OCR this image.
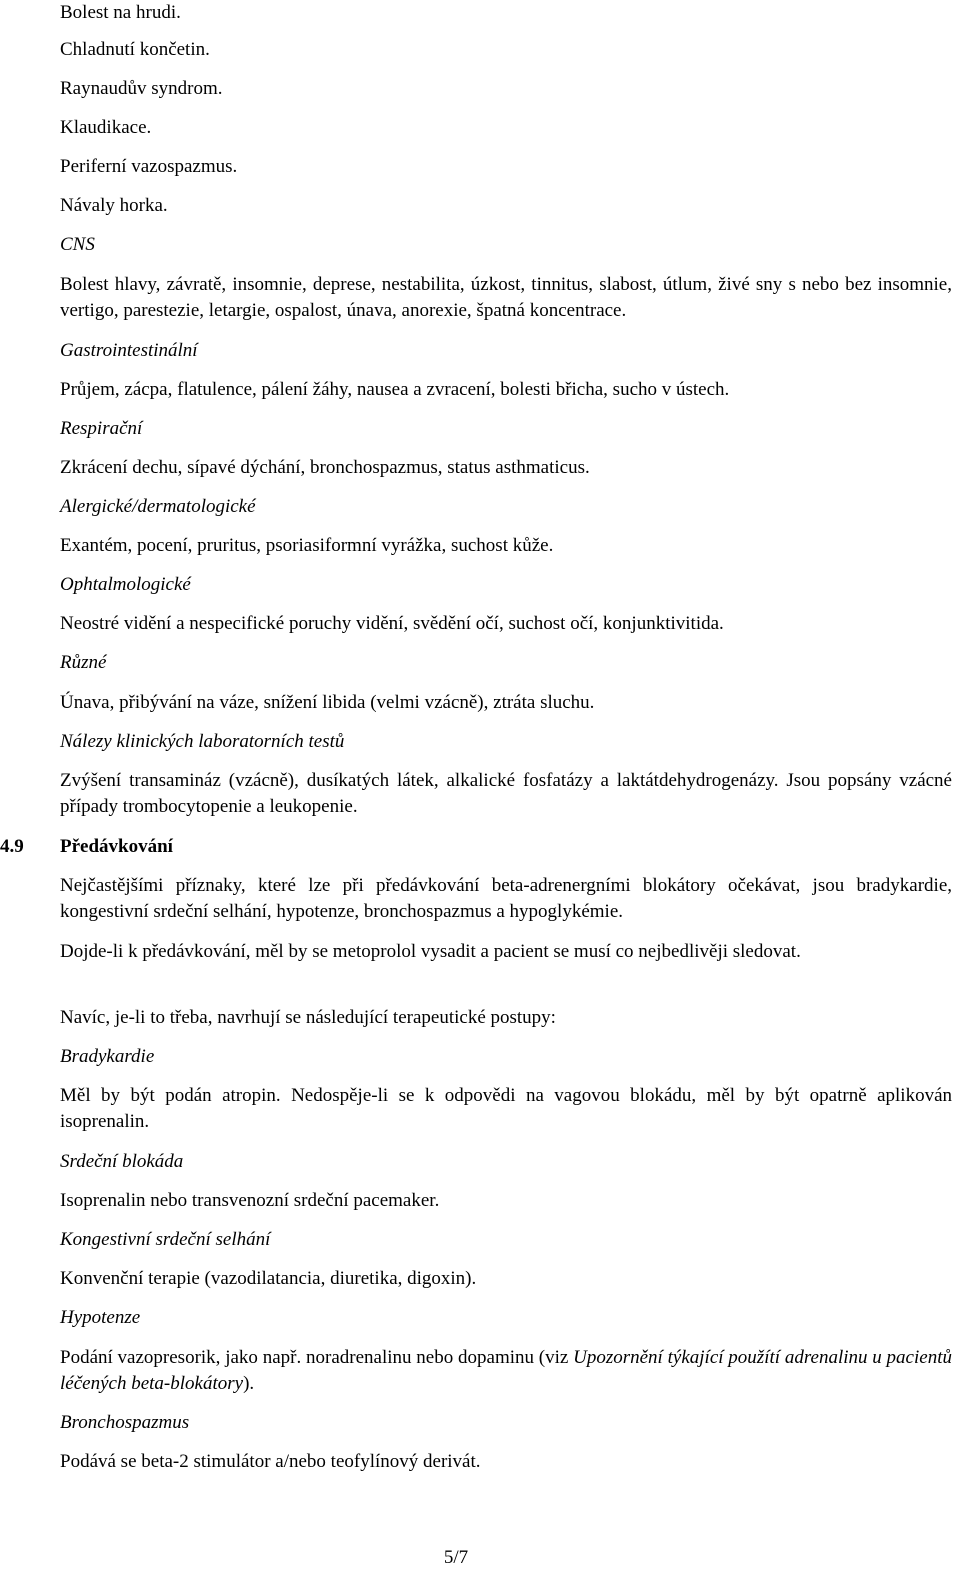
Bolest na hrudi.

Chladnutí končetin.

Raynaudův syndrom.

Klaudikace.

Periferní vazospazmus.

Návaly horka.

CNS

Bolest hlavy, závratě, insomnie, deprese, nestabilita, úzkost, tinnitus, slabost, útlum, živé sny s nebo bez insomnie, vertigo, parestezie, letargie, ospalost, únava, anorexie, špatná koncentrace.

Gastrointestinální

Průjem, zácpa, flatulence, pálení žáhy, nausea a zvracení, bolesti břicha, sucho v ústech.

Respirační

Zkrácení dechu, sípavé dýchání, bronchospazmus, status asthmaticus.

Alergické/dermatologické

Exantém, pocení, pruritus, psoriasiformní vyrážka, suchost kůže.

Ophtalmologické

Neostré vidění a nespecifické poruchy vidění, svědění očí, suchost očí, konjunktivitida.

Různé

Únava, přibývání na váze, snížení libida (velmi vzácně), ztráta sluchu.

Nálezy klinických laboratorních testů

Zvýšení transamináz (vzácně), dusíkatých látek, alkalické fosfatázy a laktátdehydrogenázy. Jsou popsány vzácné případy trombocytopenie a leukopenie.

4.9 Předávkování

Nejčastějšími příznaky, které lze při předávkování beta-adrenergními blokátory očekávat, jsou bradykardie, kongestivní srdeční selhání, hypotenze, bronchospazmus a hypoglykémie.

Dojde-li k předávkování, měl by se metoprolol vysadit a pacient se musí co nejbedlivěji sledovat.

Navíc, je-li to třeba, navrhují se následující terapeutické postupy:

Bradykardie

Měl by být podán atropin. Nedospěje-li se k odpovědi na vagovou blokádu, měl by být opatrně aplikován isoprenalin.

Srdeční blokáda

Isoprenalin nebo transvenozní srdeční pacemaker.

Kongestivní srdeční selhání

Konvenční terapie (vazodilatancia, diuretika, digoxin).

Hypotenze

Podání vazopresorik, jako např. noradrenalinu nebo dopaminu (viz Upozornění týkající použítí adrenalinu u pacientů léčených beta-blokátory).

Bronchospazmus

Podává se beta-2 stimulátor a/nebo teofylínový derivát.

5/7
